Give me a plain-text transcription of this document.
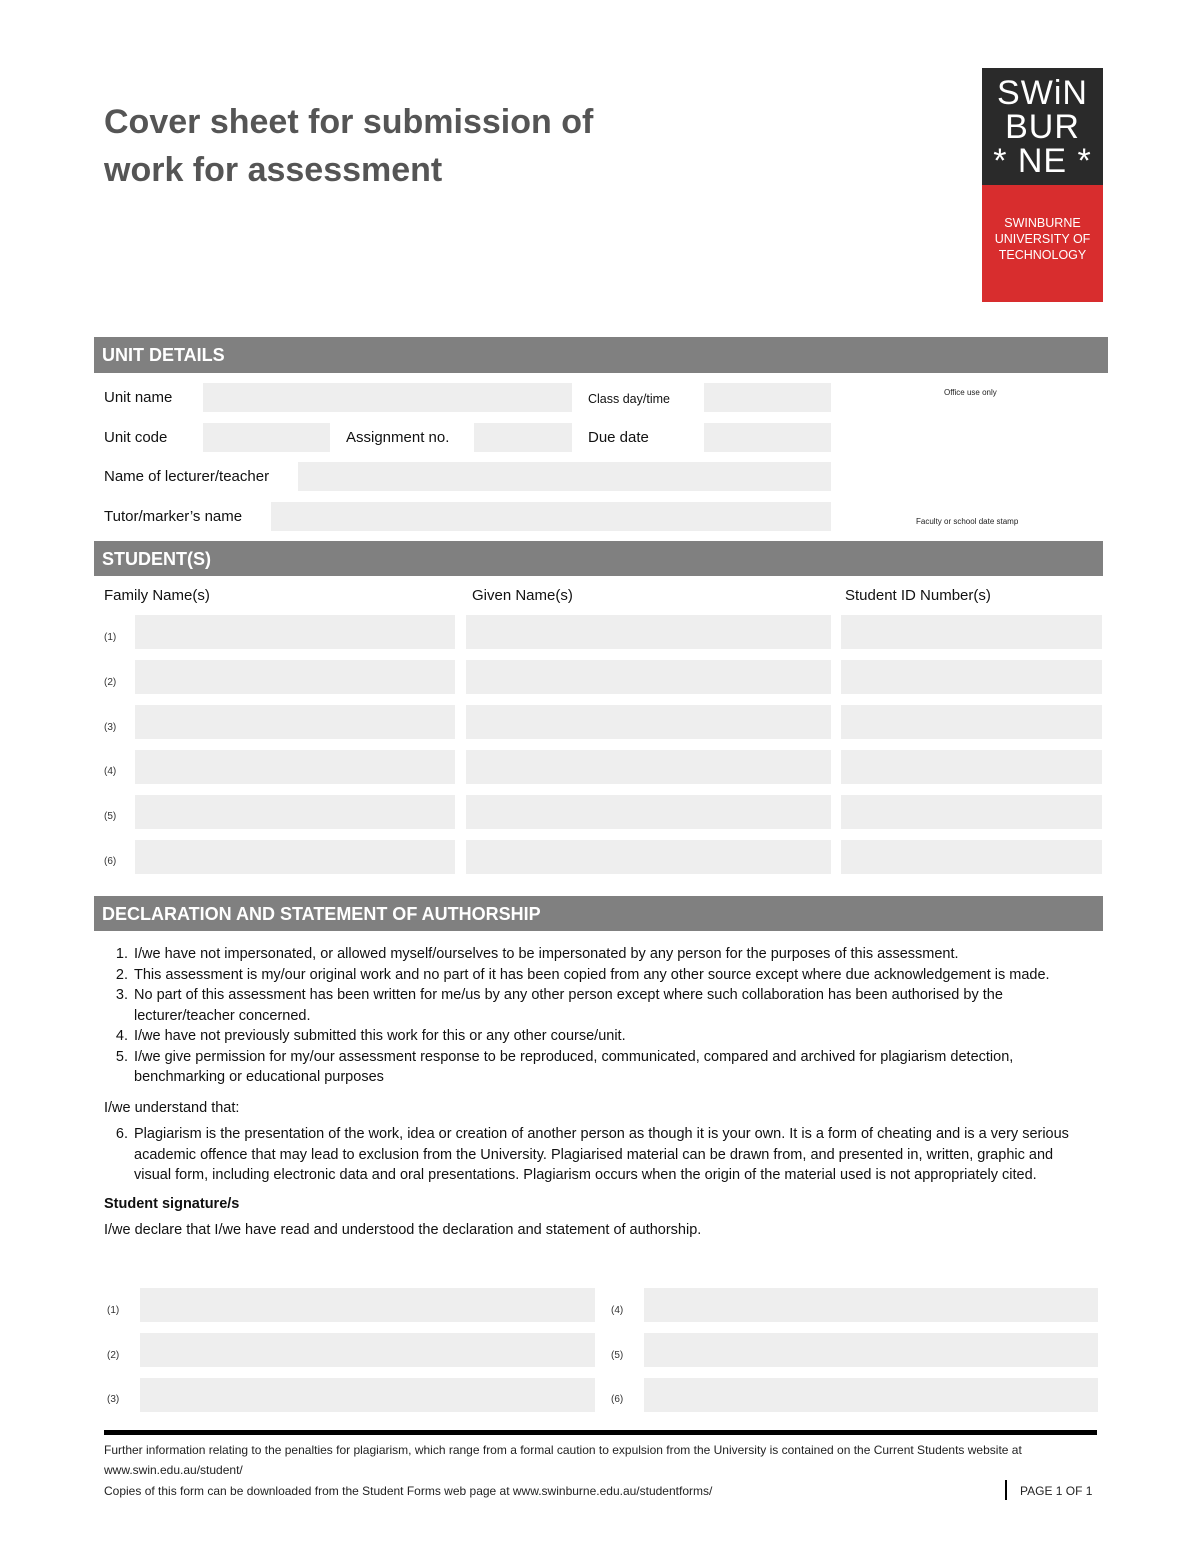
Cover sheet for submission of work for assessment
SWiN
BUR
* NE *
SWINBURNE
UNIVERSITY OF
TECHNOLOGY
UNIT DETAILS
Unit name	Class day/time	Office use only
Unit code	Assignment no.	Due date
Name of lecturer/teacher
Tutor/marker’s name	Faculty or school date stamp
STUDENT(S)
Family Name(s)	Given Name(s)	Student ID Number(s)
(1)
(2)
(3)
(4)
(5)
(6)
DECLARATION AND STATEMENT OF AUTHORSHIP
1. I/we have not impersonated, or allowed myself/ourselves to be impersonated by any person for the purposes of this assessment.
2. This assessment is my/our original work and no part of it has been copied from any other source except where due acknowledgement is made.
3. No part of this assessment has been written for me/us by any other person except where such collaboration has been authorised by the lecturer/teacher concerned.
4. I/we have not previously submitted this work for this or any other course/unit.
5. I/we give permission for my/our assessment response to be reproduced, communicated, compared and archived for plagiarism detection, benchmarking or educational purposes
I/we understand that:
6. Plagiarism is the presentation of the work, idea or creation of another person as though it is your own. It is a form of cheating and is a very serious academic offence that may lead to exclusion from the University. Plagiarised material can be drawn from, and presented in, written, graphic and visual form, including electronic data and oral presentations. Plagiarism occurs when the origin of the material used is not appropriately cited.
Student signature/s
I/we declare that I/we have read and understood the declaration and statement of authorship.
(1)	(4)
(2)	(5)
(3)	(6)
Further information relating to the penalties for plagiarism, which range from a formal caution to expulsion from the University is contained on the Current Students website at www.swin.edu.au/student/
Copies of this form can be downloaded from the Student Forms web page at www.swinburne.edu.au/studentforms/	PAGE 1 OF 1
